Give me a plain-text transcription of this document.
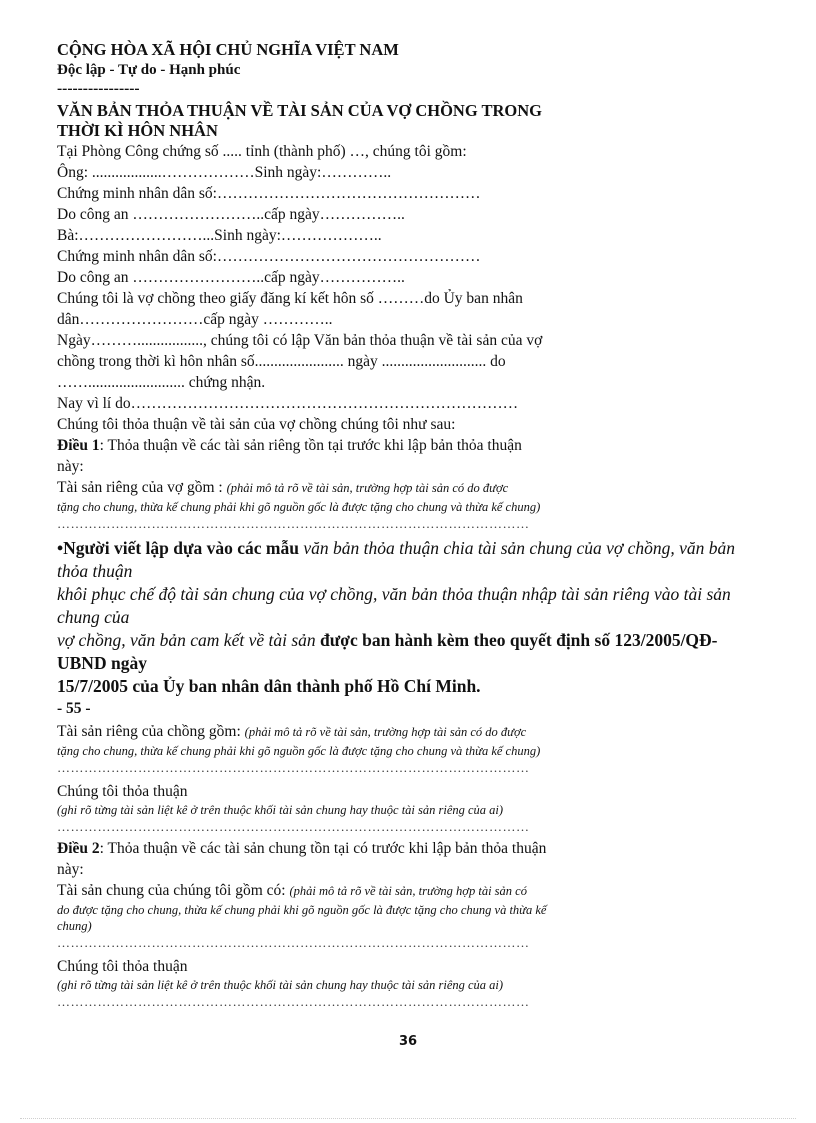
CỘNG HÒA XÃ HỘI CHỦ NGHĨA VIỆT NAM

Độc lập - Tự do - Hạnh phúc

----------------

VĂN BẢN THỎA THUẬN VỀ TÀI SẢN CỦA VỢ CHỒNG TRONG

THỜI KÌ HÔN NHÂN

Tại Phòng Công chứng số ..... tỉnh (thành phố) …, chúng tôi gồm:

Ông: ..................………………Sinh ngày:…………..

Chứng minh nhân dân số:……………………………………………

Do công an ……………………..cấp ngày……………..

Bà:……………………...Sinh ngày:………………..

Chứng minh nhân dân số:……………………………………………

Do công an ……………………..cấp ngày……………..

Chúng tôi là vợ chồng theo giấy đăng kí kết hôn số ………do Ủy ban nhân

dân……………………cấp ngày …………..

Ngày………................., chúng tôi có lập Văn bản thỏa thuận về tài sản của vợ

chồng trong thời kì hôn nhân số....................... ngày ........................... do

……......................... chứng nhận.

Nay vì lí do…………………………………………………………………

Chúng tôi thỏa thuận về tài sản của vợ chồng chúng tôi như sau:

Điều 1: Thỏa thuận về các tài sản riêng tồn tại trước khi lập bản thỏa thuận

này:

Tài sản riêng của vợ gồm : (phải mô tả rõ về tài sản, trường hợp tài sản có do được

tặng cho chung, thừa kế chung phải khi gõ nguồn gốc là được tặng cho chung và thừa kế chung)

……………………………………………………………………………………………

•Người viết lập dựa vào các mẫu văn bản thỏa thuận chia tài sản chung của vợ chồng, văn bản

thỏa thuận

khôi phục chế độ tài sản chung của vợ chồng, văn bản thỏa thuận nhập tài sản riêng vào tài sản

chung của

vợ chồng, văn bản cam kết về tài sản được ban hành kèm theo quyết định số 123/2005/QĐ-

UBND ngày

15/7/2005 của Ủy ban nhân dân thành phố Hồ Chí Minh.

- 55 -

Tài sản riêng của chồng gồm: (phải mô tả rõ về tài sản, trường hợp tài sản có do được

tặng cho chung, thừa kế chung phải khi gõ nguồn gốc là được tặng cho chung và thừa kế chung)

……………………………………………………………………………………………

Chúng tôi thỏa thuận

(ghi rõ từng tài sản liệt kê ở trên thuộc khối tài sản chung hay thuộc tài sản riêng của ai)

……………………………………………………………………………………………

Điều 2: Thỏa thuận về các tài sản chung tồn tại có trước khi lập bản thỏa thuận

này:

Tài sản chung của chúng tôi gồm có: (phải mô tả rõ về tài sản, trường hợp tài sản có

do được tặng cho chung, thừa kế chung phải khi gõ nguồn gốc là được tặng cho chung và thừa kế

chung)

……………………………………………………………………………………………

Chúng tôi thỏa thuận

(ghi rõ từng tài sản liệt kê ở trên thuộc khối tài sản chung hay thuộc tài sản riêng của ai)

……………………………………………………………………………………………

36
